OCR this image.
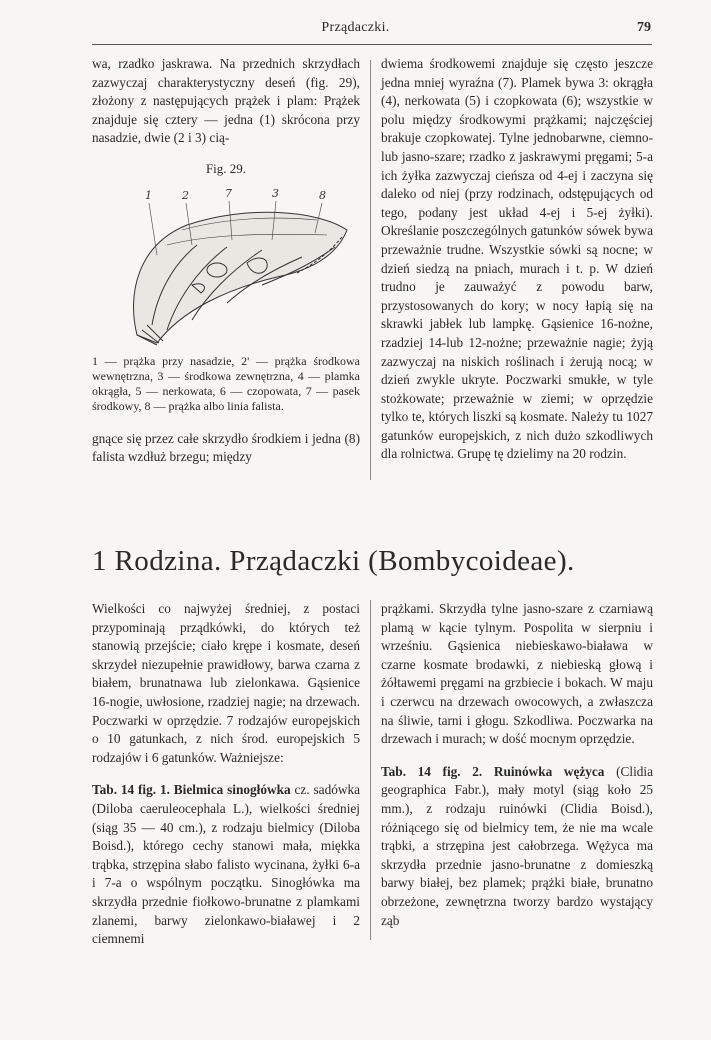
Prządaczki.	79

wa, rzadko jaskrawa. Na przednich skrzydłach zazwyczaj charakterystyczny deseń (fig. 29), złożony z następujących prążek i plam: Prążek znajduje się cztery — jedna (1) skrócona przy nasadzie, dwie (2 i 3) cią-

Fig. 29.
1	2	7	3	8
1 — prążka przy nasadzie, 2' — prążka środkowa wewnętrzna, 3 — środkowa zewnętrzna, 4 — plamka okrągła, 5 — nerkowata, 6 — czopowata, 7 — pasek środkowy, 8 — prążka albo linia falista.

gnące się przez całe skrzydło środkiem i jedna (8) falista wzdłuż brzegu; między

dwiema środkowemi znajduje się często jeszcze jedna mniej wyraźna (7). Plamek bywa 3: okrągła (4), nerkowata (5) i czopkowata (6); wszystkie w polu między środkowymi prążkami; najczęściej brakuje czopkowatej. Tylne jednobarwne, ciemno- lub jasno-szare; rzadko z jaskrawymi pręgami; 5-a ich żyłka zazwyczaj cieńsza od 4-ej i zaczyna się daleko od niej (przy rodzinach, odstępujących od tego, podany jest układ 4-ej i 5-ej żyłki). Określanie poszczególnych gatunków sówek bywa przeważnie trudne. Wszystkie sówki są nocne; w dzień siedzą na pniach, murach i t. p. W dzień trudno je zauważyć z powodu barw, przystosowanych do kory; w nocy łapią się na skrawki jabłek lub lampkę. Gąsienice 16-nożne, rzadziej 14-lub 12-nożne; przeważnie nagie; żyją zazwyczaj na niskich roślinach i żerują nocą; w dzień zwykle ukryte. Poczwarki smukłe, w tyle stożkowate; przeważnie w ziemi; w oprzędzie tylko te, których liszki są kosmate. Należy tu 1027 gatunków europejskich, z nich dużo szkodliwych dla rolnictwa. Grupę tę dzielimy na 20 rodzin.

1 Rodzina. Prządaczki (Bombycoideae).

Wielkości co najwyżej średniej, z postaci przypominają prządkówki, do których też stanowią przejście; ciało krępe i kosmate, deseń skrzydeł niezupełnie prawidłowy, barwa czarna z białem, brunatnawa lub zielonkawa. Gąsienice 16-nogie, uwłosione, rzadziej nagie; na drzewach. Poczwarki w oprzędzie. 7 rodzajów europejskich o 10 gatunkach, z nich środ. europejskich 5 rodzajów i 6 gatunków. Ważniejsze:

Tab. 14 fig. 1. Bielmica sinogłówka cz. sadówka (Diloba caeruleocephala L.), wielkości średniej (siąg 35 — 40 cm.), z rodzaju bielmicy (Diloba Boisd.), którego cechy stanowi mała, miękka trąbka, strzępina słabo falisto wycinana, żyłki 6-a i 7-a o wspólnym początku. Sinogłówka ma skrzydła przednie fiołkowo-brunatne z plamkami zlanemi, barwy zielonkawo-białawej i 2 ciemnemi

prążkami. Skrzydła tylne jasno-szare z czarniawą plamą w kącie tylnym. Pospolita w sierpniu i wrześniu. Gąsienica niebieskawo-biaława w czarne kosmate brodawki, z niebieską głową i żółtawemi pręgami na grzbiecie i bokach. W maju i czerwcu na drzewach owocowych, a zwłaszcza na śliwie, tarni i głogu. Szkodliwa. Poczwarka na drzewach i murach; w dość mocnym oprzędzie.

Tab. 14 fig. 2. Ruinówka wężyca (Clidia geographica Fabr.), mały motyl (siąg koło 25 mm.), z rodzaju ruinówki (Clidia Boisd.), różniącego się od bielmicy tem, że nie ma wcale trąbki, a strzępina jest całobrzega. Wężyca ma skrzydła przednie jasno-brunatne z domieszką barwy białej, bez plamek; prążki białe, brunatno obrzeżone, zewnętrzna tworzy bardzo wystający ząb
